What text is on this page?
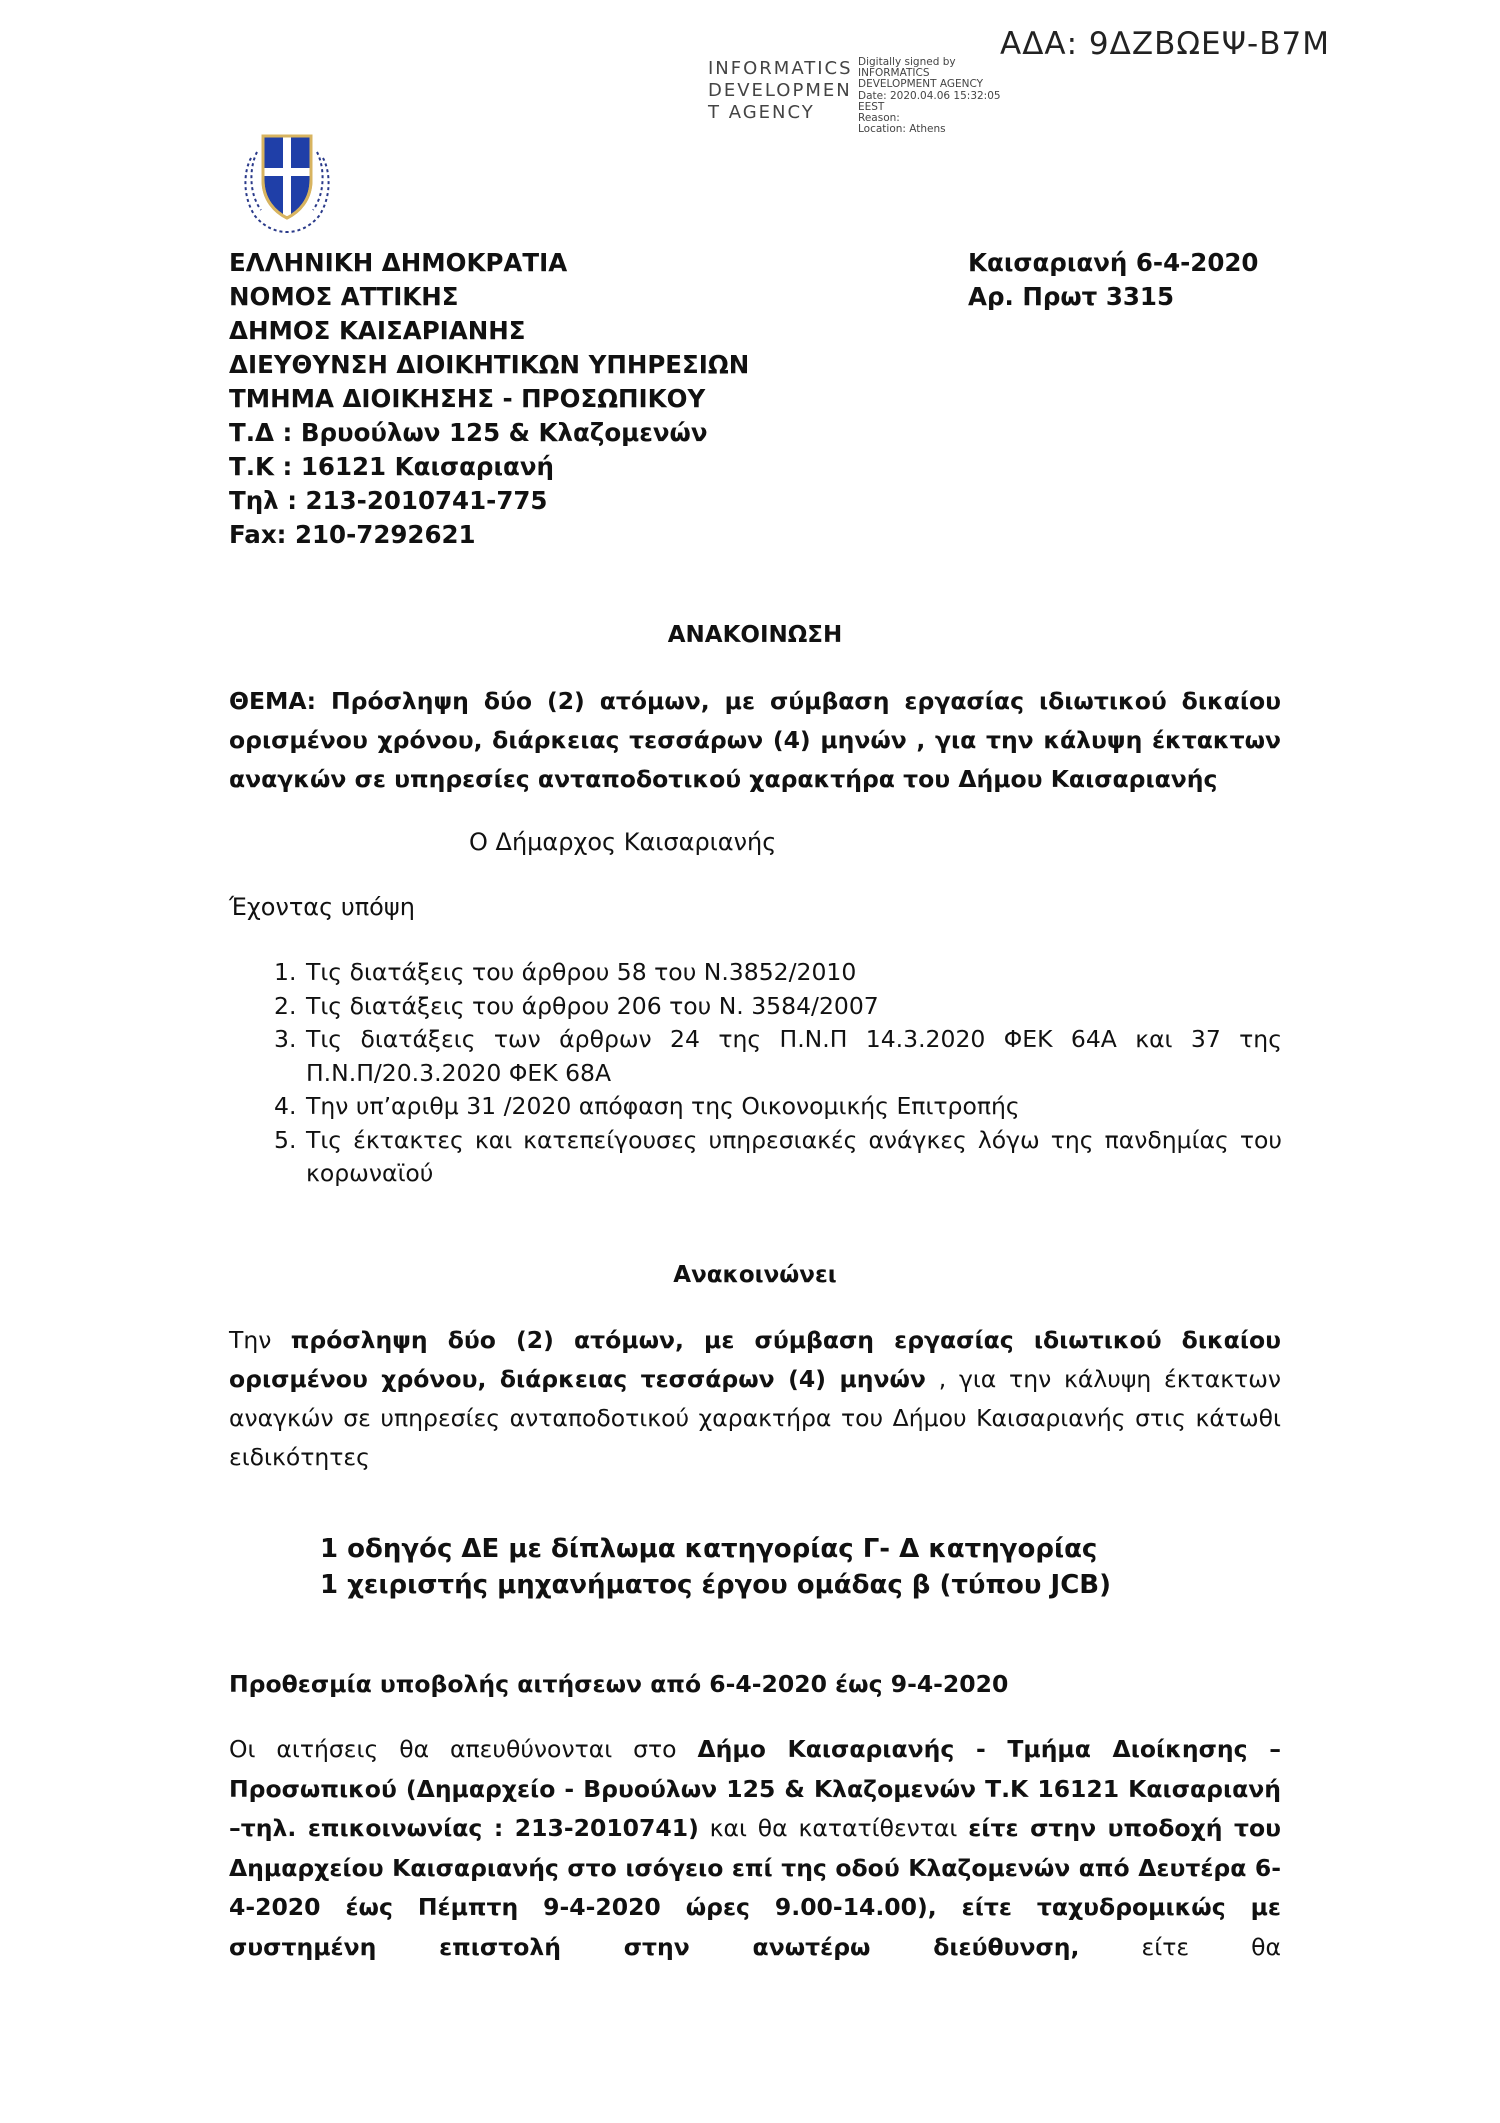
ΑΔΑ: 9ΔΖΒΩΕΨ-Β7Μ
INFORMATICS
DEVELOPMEN
T AGENCY
Digitally signed by
INFORMATICS
DEVELOPMENT AGENCY
Date: 2020.04.06 15:32:05
EEST
Reason:
Location: Athens
ΕΛΛΗΝΙΚΗ ΔΗΜΟΚΡΑΤΙΑ
ΝΟΜΟΣ ΑΤΤΙΚΗΣ
ΔΗΜΟΣ ΚΑΙΣΑΡΙΑΝΗΣ
ΔΙΕΥΘΥΝΣΗ ΔΙΟΙΚΗΤΙΚΩΝ ΥΠΗΡΕΣΙΩΝ
ΤΜΗΜΑ ΔΙΟΙΚΗΣΗΣ - ΠΡΟΣΩΠΙΚΟΥ
Τ.Δ : Βρυούλων 125 & Κλαζομενών
Τ.Κ : 16121 Καισαριανή
Τηλ : 213-2010741-775
Fax: 210-7292621
Καισαριανή 6-4-2020
Αρ. Πρωτ 3315
ΑΝΑΚΟΙΝΩΣΗ
ΘΕΜΑ: Πρόσληψη δύο (2) ατόμων, με σύμβαση εργασίας ιδιωτικού δικαίου ορισμένου χρόνου, διάρκειας τεσσάρων (4) μηνών , για την κάλυψη έκτακτων αναγκών σε υπηρεσίες ανταποδοτικού χαρακτήρα του Δήμου Καισαριανής
Ο Δήμαρχος Καισαριανής
Έχοντας υπόψη
1. Τις διατάξεις του άρθρου 58 του Ν.3852/2010
2. Τις διατάξεις του άρθρου 206 του Ν. 3584/2007
3. Τις διατάξεις των άρθρων 24 της Π.Ν.Π 14.3.2020 ΦΕΚ 64Α και 37 της Π.Ν.Π/20.3.2020 ΦΕΚ 68Α
4. Την υπ’αριθμ 31 /2020 απόφαση της Οικονομικής Επιτροπής
5. Τις έκτακτες και κατεπείγουσες υπηρεσιακές ανάγκες λόγω της πανδημίας του κορωναϊού
Ανακοινώνει
Την πρόσληψη δύο (2) ατόμων, με σύμβαση εργασίας ιδιωτικού δικαίου ορισμένου χρόνου, διάρκειας τεσσάρων (4) μηνών , για την κάλυψη έκτακτων αναγκών σε υπηρεσίες ανταποδοτικού χαρακτήρα του Δήμου Καισαριανής στις κάτωθι ειδικότητες
1 οδηγός ΔΕ με δίπλωμα κατηγορίας Γ- Δ κατηγορίας
1 χειριστής μηχανήματος έργου ομάδας β (τύπου JCB)
Προθεσμία υποβολής αιτήσεων από 6-4-2020 έως 9-4-2020
Οι αιτήσεις θα απευθύνονται στο Δήμο Καισαριανής - Τμήμα Διοίκησης – Προσωπικού (Δημαρχείο - Βρυούλων 125 & Κλαζομενών Τ.Κ 16121 Καισαριανή –τηλ. επικοινωνίας : 213-2010741) και θα κατατίθενται είτε στην υποδοχή του Δημαρχείου Καισαριανής στο ισόγειο επί της οδού Κλαζομενών από Δευτέρα 6-4-2020 έως Πέμπτη 9-4-2020 ώρες 9.00-14.00), είτε ταχυδρομικώς με συστημένη επιστολή στην ανωτέρω διεύθυνση, είτε θα
